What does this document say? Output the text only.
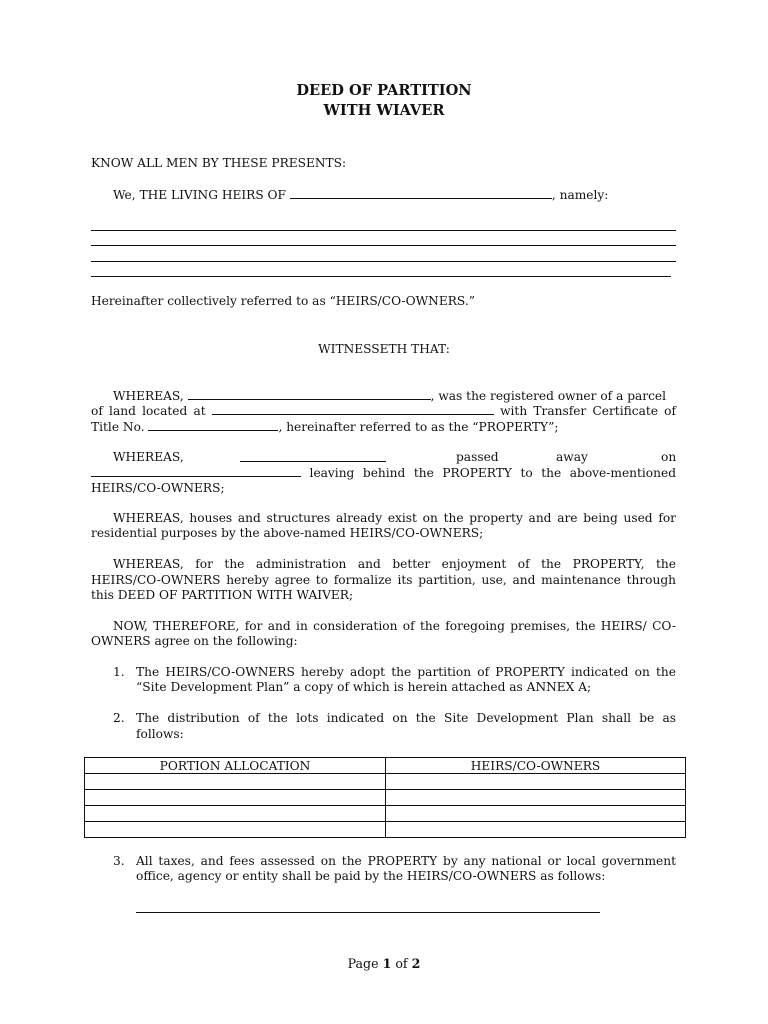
DEED OF PARTITION
WITH WIAVER
KNOW ALL MEN BY THESE PRESENTS:
We, THE LIVING HEIRS OF	, namely:
Hereinafter collectively referred to as “HEIRS/CO-OWNERS.”
WITNESSETH THAT:
WHEREAS,	, was the registered owner of a parcel
of land located at	with Transfer Certificate of
Title No.	, hereinafter referred to as the “PROPERTY”;
WHEREAS,	passed	away	on
leaving behind the PROPERTY to the above-mentioned
HEIRS/CO-OWNERS;
WHEREAS, houses and structures already exist on the property and are being used for
residential purposes by the above-named HEIRS/CO-OWNERS;
WHEREAS, for the administration and better enjoyment of the PROPERTY, the
HEIRS/CO-OWNERS hereby agree to formalize its partition, use, and maintenance through
this DEED OF PARTITION WITH WAIVER;
NOW, THEREFORE, for and in consideration of the foregoing premises, the HEIRS/ CO-
OWNERS agree on the following:
1. The HEIRS/CO-OWNERS hereby adopt the partition of PROPERTY indicated on the
“Site Development Plan” a copy of which is herein attached as ANNEX A;
2. The distribution of the lots indicated on the Site Development Plan shall be as
follows:
PORTION ALLOCATION	HEIRS/CO-OWNERS

3. All taxes, and fees assessed on the PROPERTY by any national or local government
office, agency or entity shall be paid by the HEIRS/CO-OWNERS as follows:
Page 1 of 2
